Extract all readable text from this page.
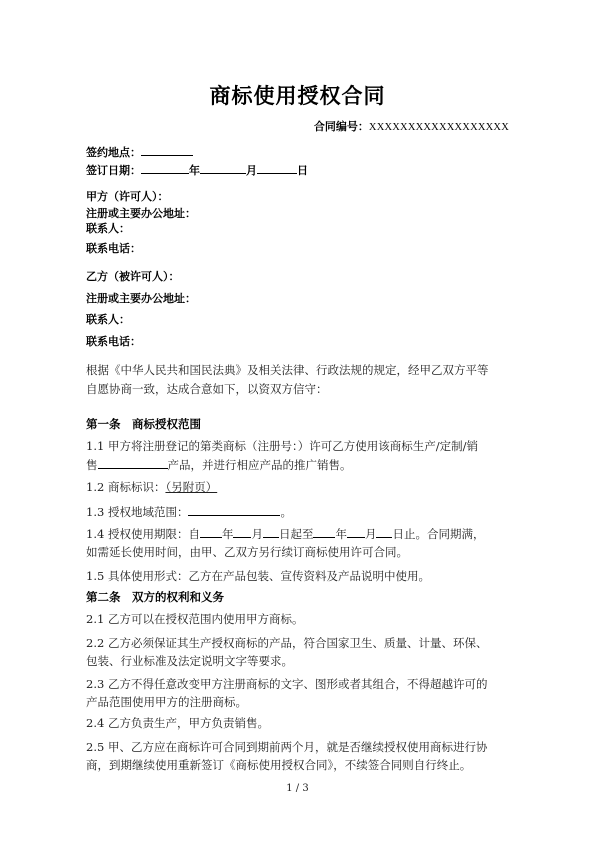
商标使用授权合同
合同编号：XXXXXXXXXXXXXXXXXX
签约地点：
签订日期：	年	月	日
甲方（许可人）：
注册或主要办公地址：
联系人：
联系电话：
乙方（被许可人）：
注册或主要办公地址：
联系人：
联系电话：
根据《中华人民共和国民法典》及相关法律、行政法规的规定，经甲乙双方平等
自愿协商一致，达成合意如下，以资双方信守：
第一条　商标授权范围
1.1 甲方将注册登记的第类商标（注册号：）许可乙方使用该商标生产/定制/销
售	产品，并进行相应产品的推广销售。
1.2 商标标识：（另附页）
1.3 授权地域范围：	。
1.4 授权使用期限：自 年 月 日起至 年 月 日止。合同期满，
如需延长使用时间，由甲、乙双方另行续订商标使用许可合同。
1.5 具体使用形式：乙方在产品包装、宣传资料及产品说明中使用。
第二条　双方的权利和义务
2.1 乙方可以在授权范围内使用甲方商标。
2.2 乙方必须保证其生产授权商标的产品，符合国家卫生、质量、计量、环保、
包装、行业标准及法定说明文字等要求。
2.3 乙方不得任意改变甲方注册商标的文字、图形或者其组合，不得超越许可的
产品范围使用甲方的注册商标。
2.4 乙方负责生产，甲方负责销售。
2.5 甲、乙方应在商标许可合同到期前两个月，就是否继续授权使用商标进行协
商，到期继续使用重新签订《商标使用授权合同》，不续签合同则自行终止。
1 / 3
